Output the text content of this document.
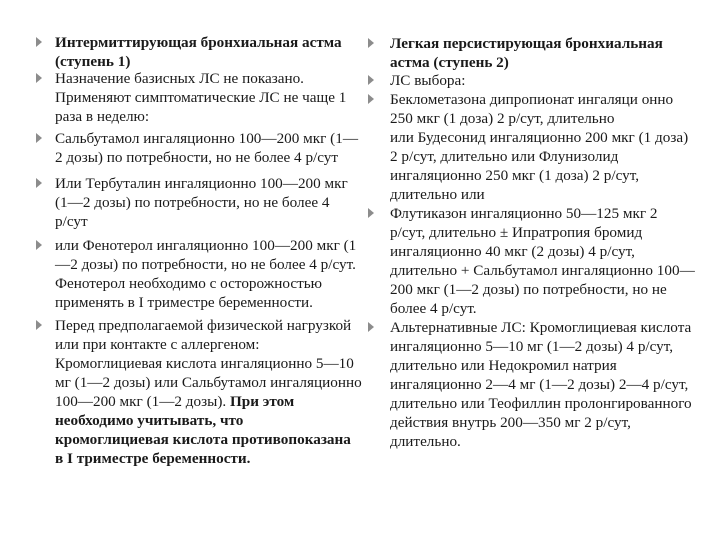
Интермиттирующая бронхиальная астма
(ступень 1)
Назначение базисных ЛС не показано.
Применяют симптоматические ЛС не чаще 1
раза в неделю:
Сальбутамол ингаляционно 100—200 мкг (1—
2 дозы) по потребности, но не более 4 р/сут
Или Тербуталин ингаляционно 100—200 мкг
(1—2 дозы) по потребности, но не более 4
р/сут
или Фенотерол ингаляционно 100—200 мкг (1
—2 дозы) по потребности, но не более 4 р/сут.
Фенотерол необходимо с осторожностью
применять в I триместре беременности.
Перед предполагаемой физической нагрузкой
или при контакте с аллергеном:
Кромоглициевая кислота ингаляционно 5—10
мг (1—2 дозы) или Сальбутамол ингаляционно
100—200 мкг (1—2 дозы). При этом
необходимо учитывать, что
кромоглициевая кислота противопоказана
в I триместре беременности.
Легкая персистирующая бронхиальная
астма (ступень 2)
ЛС выбора:
Беклометазона дипропионат ингаляци онно
250 мкг (1 доза) 2 р/сут, длительно
или Будесонид ингаляционно 200 мкг (1 доза)
2 р/сут, длительно или Флунизолид
ингаляционно 250 мкг (1 доза) 2 р/сут,
длительно или
Флутиказон ингаляционно 50—125 мкг 2
р/сут, длительно ± Ипратропия бромид
ингаляционно 40 мкг (2 дозы) 4 р/сут,
длительно + Сальбутамол ингаляционно 100—
200 мкг (1—2 дозы) по потребности, но не
более 4 р/сут.
Альтернативные ЛС: Кромоглициевая кислота
ингаляционно 5—10 мг (1—2 дозы) 4 р/сут,
длительно или Недокромил натрия
ингаляционно 2—4 мг (1—2 дозы) 2—4 р/сут,
длительно или Теофиллин пролонгированного
действия внутрь 200—350 мг 2 р/сут,
длительно.
